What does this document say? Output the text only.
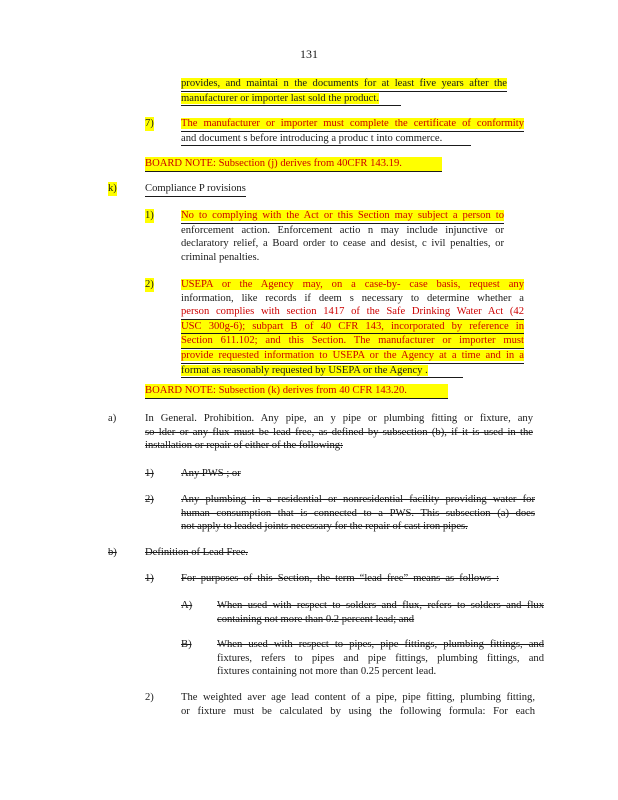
131
provides, and maintai n the documents for at least five years after the
manufacturer or importer last sold the product.
7)	The manufacturer or importer must complete the certificate of conformity
and document s before introducing a produc t into commerce.
BOARD NOTE: Subsection (j) derives from 40CFR 143.19.
k)	Compliance P rovisions
1)	No to complying with the Act or this Section may subject a person to
enforcement action. Enforcement actio n may include injunctive or
declaratory relief, a Board order to cease and desist, c ivil penalties, or
criminal penalties.
2)	USEPA or the Agency may, on a case-by- case basis, request any
information, like records if deem s necessary to determine whether a
person complies with section 1417 of the Safe Drinking Water Act (42
USC 300g-6); subpart B of 40 CFR 143, incorporated by reference in
Section 611.102; and this Section. The manufacturer or importer must
provide requested information to USEPA or the Agency at a time and in a
format as reasonably requested by USEPA or the Agency .
BOARD NOTE: Subsection (k) derives from 40 CFR 143.20.
a)	In General. Prohibition. Any pipe, an y pipe or plumbing fitting or fixture, any
so lder or any flux must be lead free, as defined by subsection (b), if it is used in the
installation or repair of either of the following:
1)	Any PWS ; or
2)	Any plumbing in a residential or nonresidential facility providing water for
human consumption that is connected to a PWS. This subsection (a) does
not apply to leaded joints necessary for the repair of cast iron pipes.
b)	Definition of Lead Free.
1)	For purposes of this Section, the term “lead free” means as follows :
A) When used with respect to solders and flux, refers to solders and flux
containing not more than 0.2 percent lead; and
B) When used with respect to pipes, pipe fittings, plumbing fittings, and
fixtures, refers to pipes and pipe fittings, plumbing fittings, and
fixtures containing not more than 0.25 percent lead.
2)	The weighted aver age lead content of a pipe, pipe fitting, plumbing fitting,
or fixture must be calculated by using the following formula: For each
